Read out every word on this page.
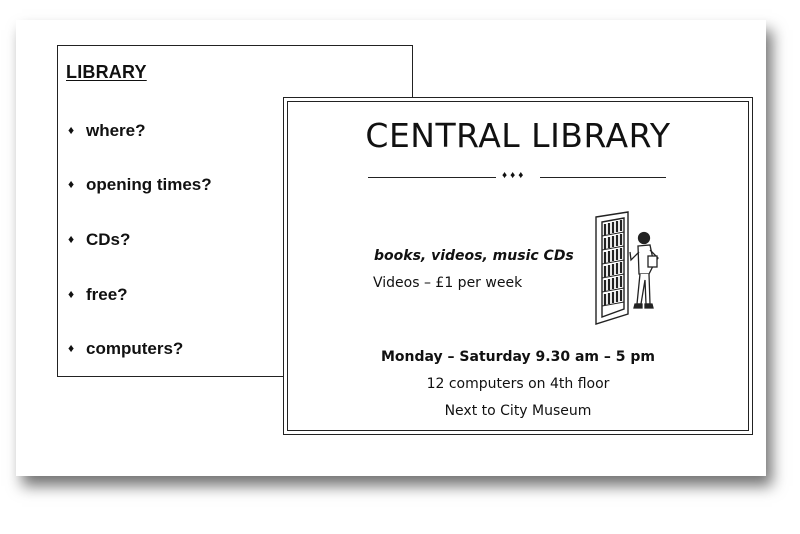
LIBRARY
♦ where?
♦ opening times?
♦ CDs?
♦ free?
♦ computers?
CENTRAL LIBRARY
♦♦♦
books, videos, music CDs
Videos – £1 per week
Monday – Saturday 9.30 am – 5 pm
12 computers on 4th floor
Next to City Museum
